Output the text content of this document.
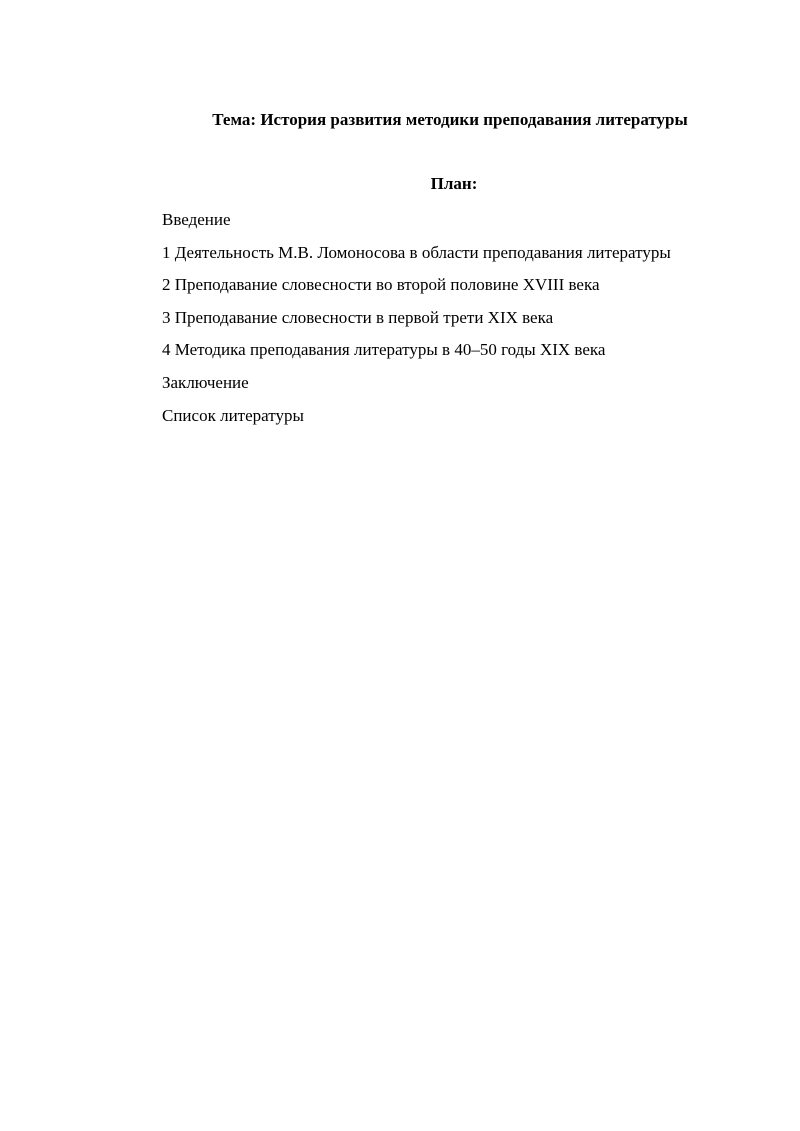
Тема: История развития методики преподавания литературы
План:
Введение
1 Деятельность М.В. Ломоносова в области преподавания литературы
2 Преподавание словесности во второй половине XVIII века
3 Преподавание словесности в первой трети XIX века
4 Методика преподавания литературы в 40–50 годы XIX века
Заключение
Список литературы
